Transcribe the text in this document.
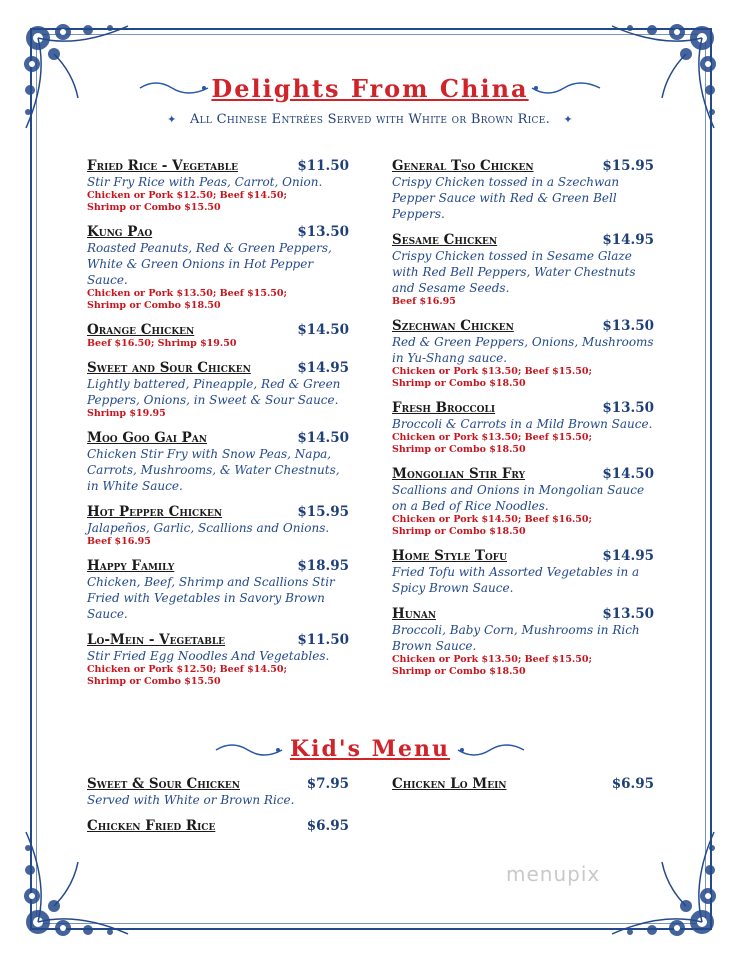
Delights From China
✦ All Chinese Entrées Served with White or Brown Rice. ✦
Fried Rice - Vegetable	$11.50
Stir Fry Rice with Peas, Carrot, Onion.
Chicken or Pork $12.50; Beef $14.50;
Shrimp or Combo $15.50
Kung Pao	$13.50
Roasted Peanuts, Red & Green Peppers, White & Green Onions in Hot Pepper Sauce.
Chicken or Pork $13.50; Beef $15.50;
Shrimp or Combo $18.50
Orange Chicken	$14.50
Beef $16.50; Shrimp $19.50
Sweet and Sour Chicken	$14.95
Lightly battered, Pineapple, Red & Green Peppers, Onions, in Sweet & Sour Sauce.
Shrimp $19.95
Moo Goo Gai Pan	$14.50
Chicken Stir Fry with Snow Peas, Napa, Carrots, Mushrooms, & Water Chestnuts, in White Sauce.
Hot Pepper Chicken	$15.95
Jalapeños, Garlic, Scallions and Onions.
Beef $16.95
Happy Family	$18.95
Chicken, Beef, Shrimp and Scallions Stir Fried with Vegetables in Savory Brown Sauce.
Lo-Mein - Vegetable	$11.50
Stir Fried Egg Noodles And Vegetables.
Chicken or Pork $12.50; Beef $14.50;
Shrimp or Combo $15.50
General Tso Chicken	$15.95
Crispy Chicken tossed in a Szechwan Pepper Sauce with Red & Green Bell Peppers.
Sesame Chicken	$14.95
Crispy Chicken tossed in Sesame Glaze with Red Bell Peppers, Water Chestnuts and Sesame Seeds.
Beef $16.95
Szechwan Chicken	$13.50
Red & Green Peppers, Onions, Mushrooms in Yu-Shang sauce.
Chicken or Pork $13.50; Beef $15.50;
Shrimp or Combo $18.50
Fresh Broccoli	$13.50
Broccoli & Carrots in a Mild Brown Sauce.
Chicken or Pork $13.50; Beef $15.50;
Shrimp or Combo $18.50
Mongolian Stir Fry	$14.50
Scallions and Onions in Mongolian Sauce on a Bed of Rice Noodles.
Chicken or Pork $14.50; Beef $16.50;
Shrimp or Combo $18.50
Home Style Tofu	$14.95
Fried Tofu with Assorted Vegetables in a Spicy Brown Sauce.
Hunan	$13.50
Broccoli, Baby Corn, Mushrooms in Rich Brown Sauce.
Chicken or Pork $13.50; Beef $15.50;
Shrimp or Combo $18.50
Kid's Menu
Sweet & Sour Chicken	$7.95
Served with White or Brown Rice.
Chicken Fried Rice	$6.95
Chicken Lo Mein	$6.95
menupix
